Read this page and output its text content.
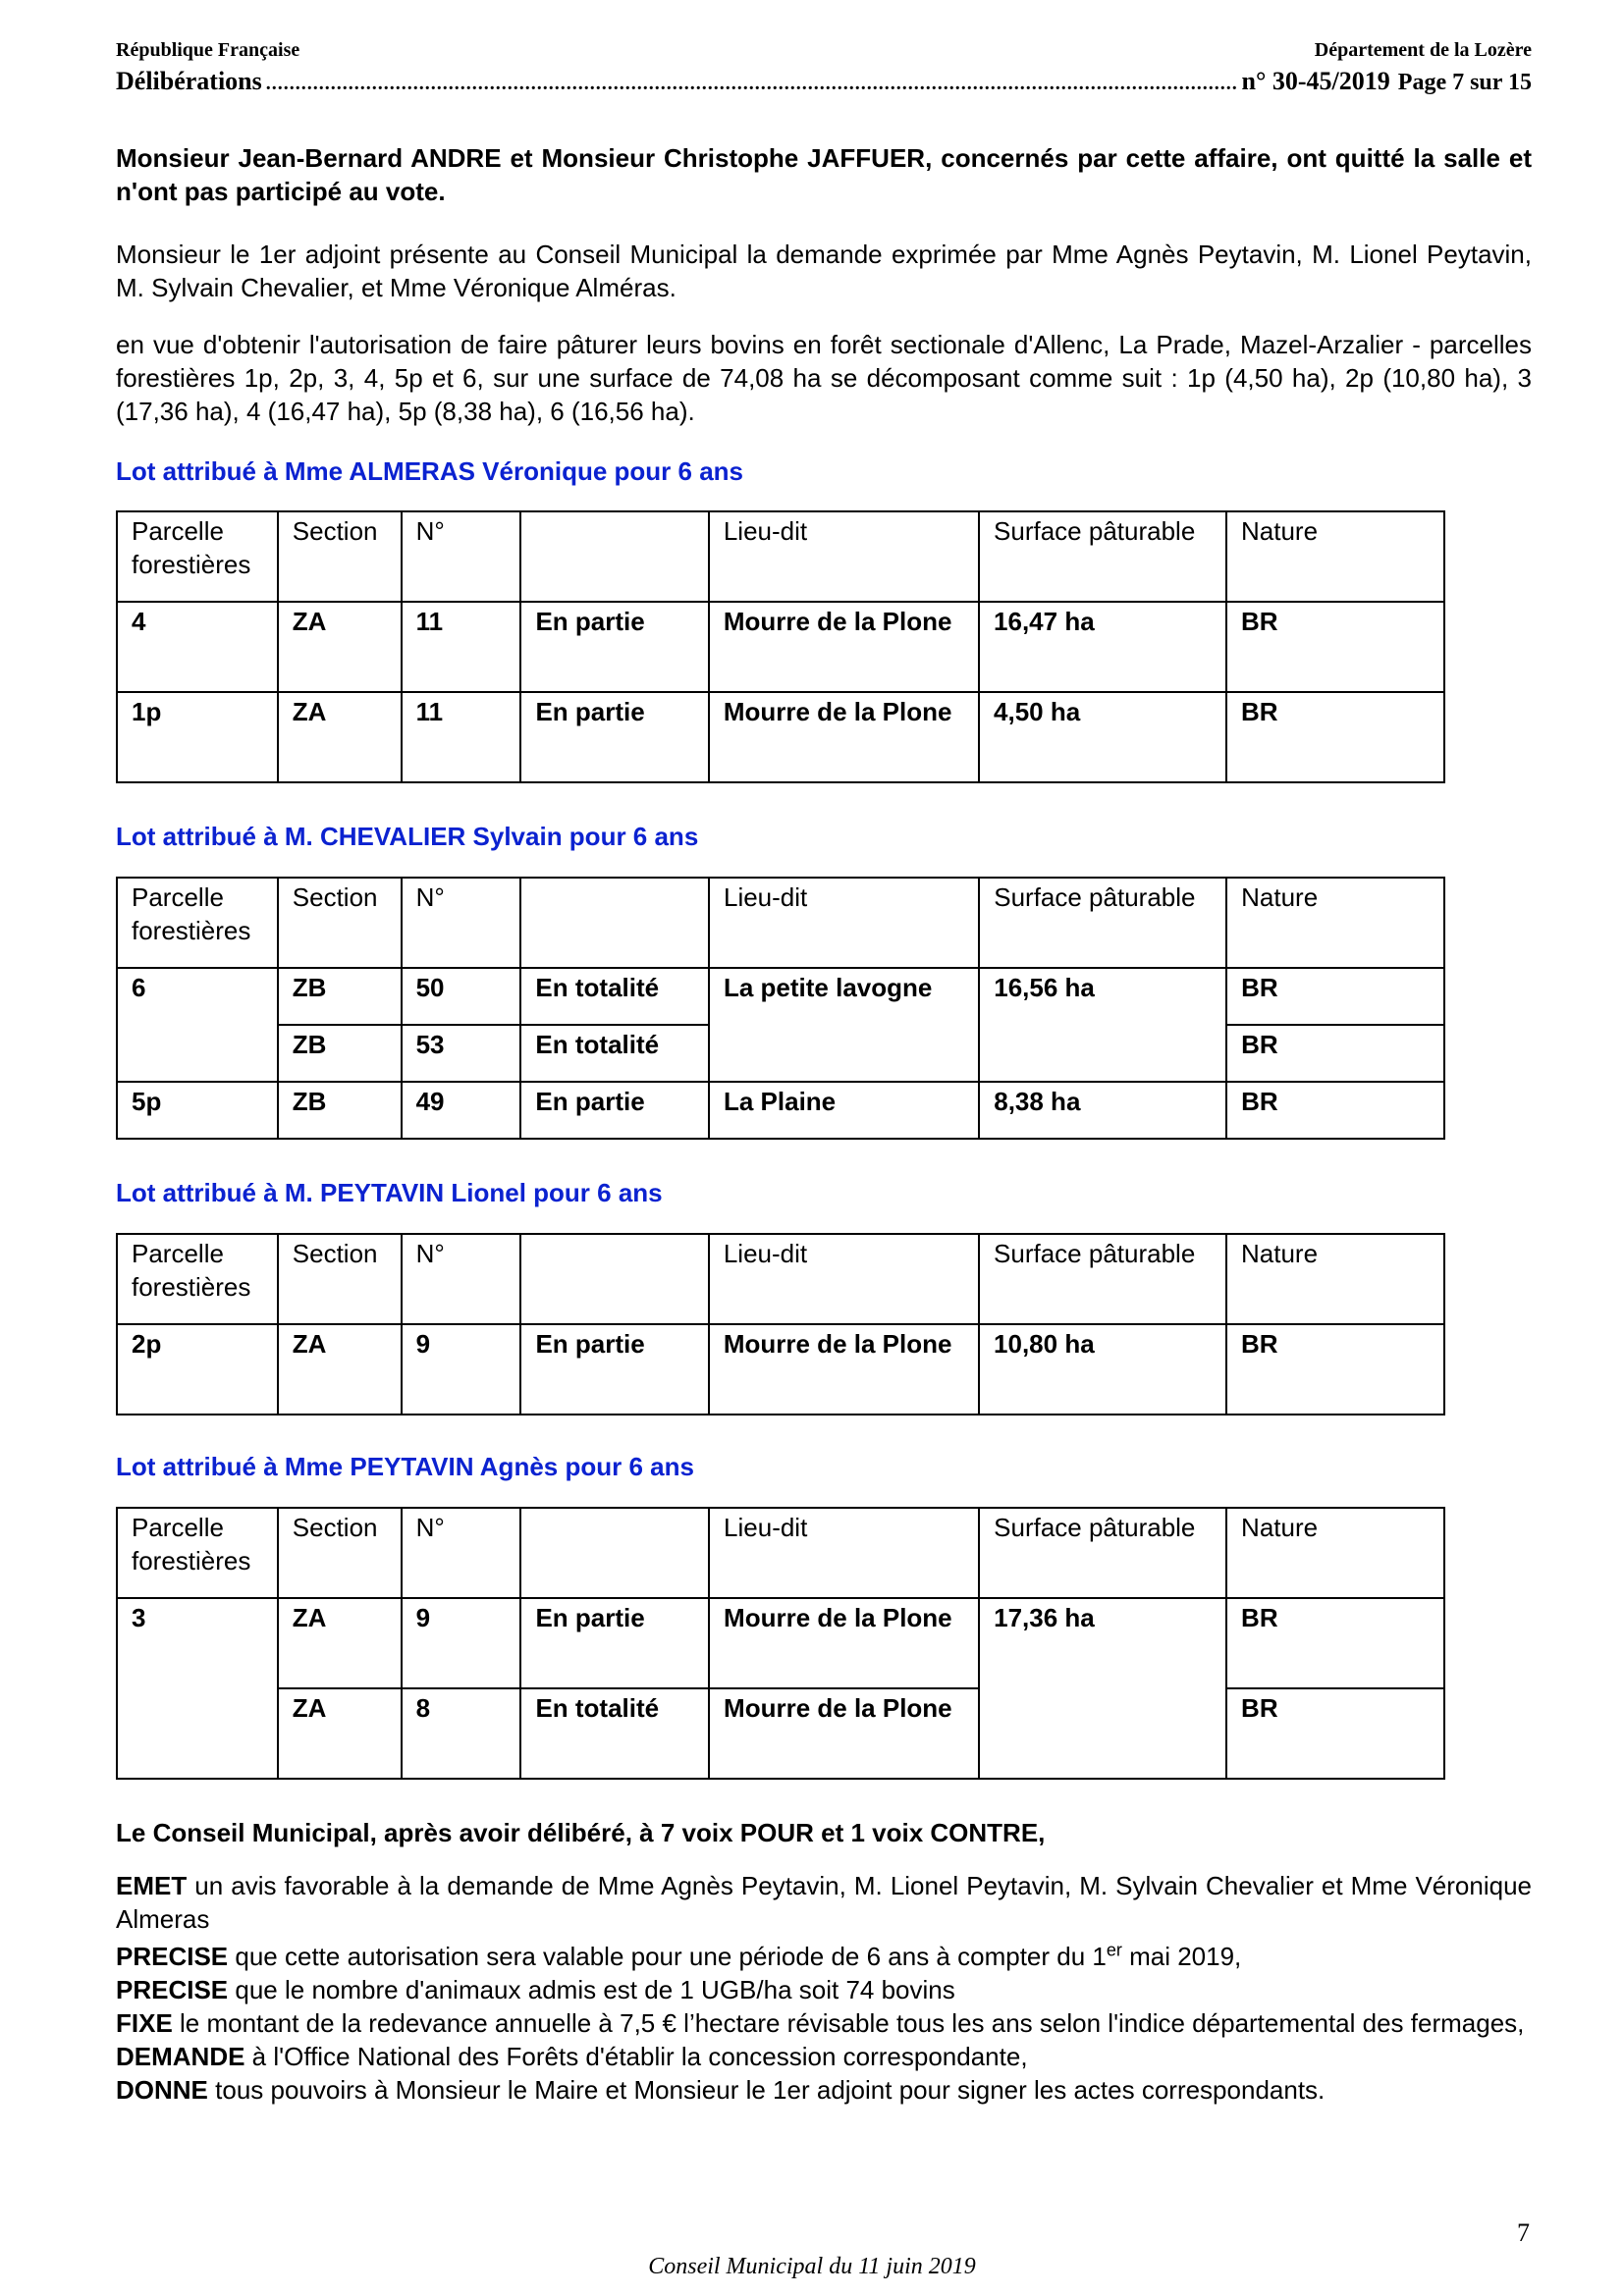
République Française	Département de la Lozère
Délibérations .....	n° 30-45/2019 Page 7 sur 15

Monsieur Jean-Bernard ANDRE et Monsieur Christophe JAFFUER, concernés par cette affaire, ont quitté la salle et n'ont pas participé au vote.

Monsieur le 1er adjoint présente au Conseil Municipal la demande exprimée par Mme Agnès Peytavin, M. Lionel Peytavin, M. Sylvain Chevalier, et Mme Véronique Alméras.

en vue d'obtenir l'autorisation de faire pâturer leurs bovins en forêt sectionale d'Allenc, La Prade, Mazel-Arzalier - parcelles forestières 1p, 2p, 3, 4, 5p et 6, sur une surface de 74,08 ha se décomposant comme suit : 1p (4,50 ha), 2p (10,80 ha), 3 (17,36 ha), 4 (16,47 ha), 5p (8,38 ha), 6 (16,56 ha).

Lot attribué à Mme ALMERAS Véronique pour 6 ans
Parcelle forestières	Section	N°		Lieu-dit	Surface pâturable	Nature
4	ZA	11	En partie	Mourre de la Plone	16,47 ha	BR
1p	ZA	11	En partie	Mourre de la Plone	4,50 ha	BR
Lot attribué à M. CHEVALIER Sylvain pour 6 ans
Parcelle forestières	Section	N°		Lieu-dit	Surface pâturable	Nature
6	ZB	50	En totalité	La petite lavogne	16,56 ha	BR
	ZB	53	En totalité			BR
5p	ZB	49	En partie	La Plaine	8,38 ha	BR
Lot attribué à M. PEYTAVIN Lionel pour 6 ans
Parcelle forestières	Section	N°		Lieu-dit	Surface pâturable	Nature
2p	ZA	9	En partie	Mourre de la Plone	10,80 ha	BR
Lot attribué à Mme PEYTAVIN Agnès pour 6 ans
Parcelle forestières	Section	N°		Lieu-dit	Surface pâturable	Nature
3	ZA	9	En partie	Mourre de la Plone	17,36 ha	BR
	ZA	8	En totalité	Mourre de la Plone		BR

Le Conseil Municipal, après avoir délibéré, à 7 voix POUR et 1 voix CONTRE,

EMET un avis favorable à la demande de Mme Agnès Peytavin, M. Lionel Peytavin, M. Sylvain Chevalier et Mme Véronique Almeras

PRECISE que cette autorisation sera valable pour une période de 6 ans à compter du 1er mai 2019,

PRECISE que le nombre d'animaux admis est de 1 UGB/ha soit 74 bovins

FIXE le montant de la redevance annuelle à 7,5 € l’hectare révisable tous les ans selon l'indice départemental des fermages,

DEMANDE à l'Office National des Forêts d'établir la concession correspondante,

DONNE tous pouvoirs à Monsieur le Maire et Monsieur le 1er adjoint pour signer les actes correspondants.

7
Conseil Municipal du 11 juin 2019
